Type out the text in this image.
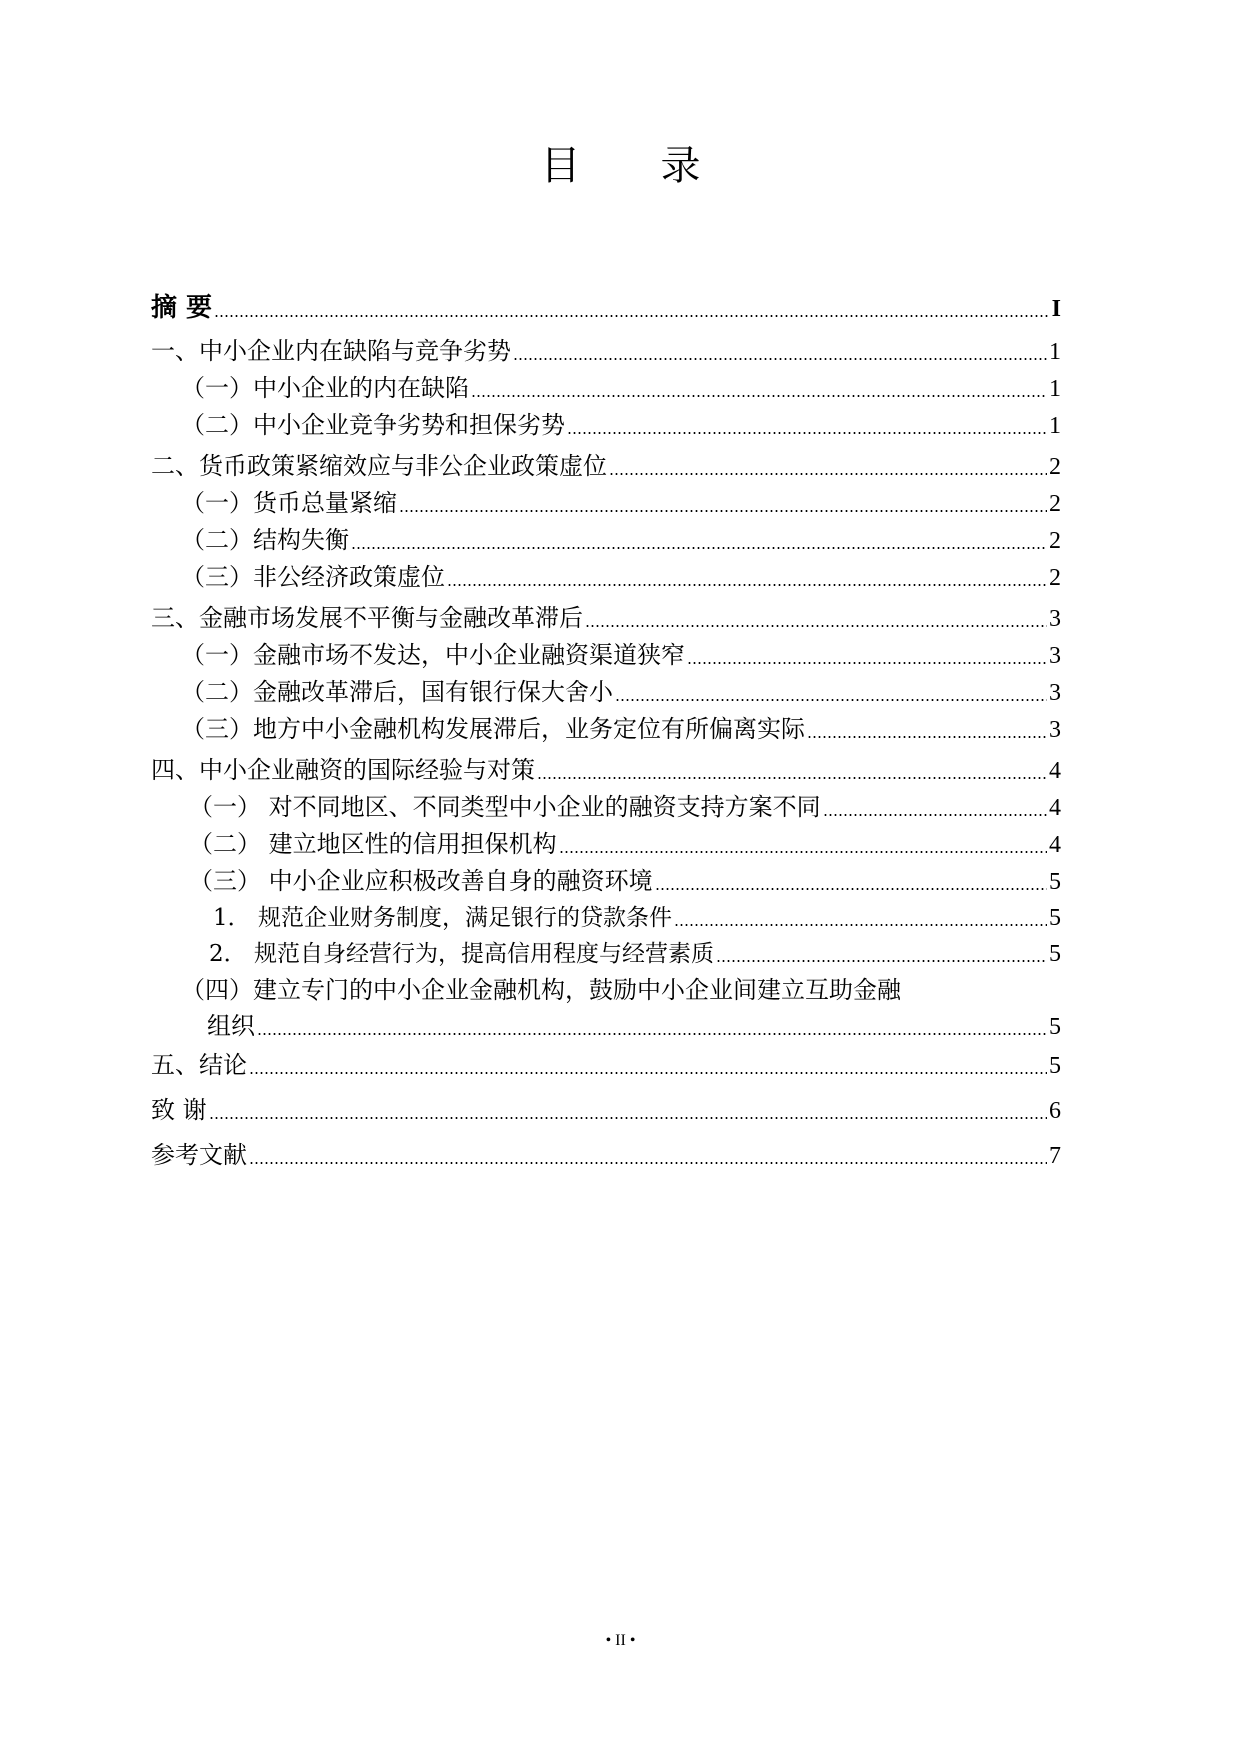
目 录
摘 要	I
一、中小企业内在缺陷与竞争劣势	1
（一）中小企业的内在缺陷	1
（二）中小企业竞争劣势和担保劣势	1
二、货币政策紧缩效应与非公企业政策虚位	2
（一）货币总量紧缩	2
（二）结构失衡	2
（三）非公经济政策虚位	2
三、金融市场发展不平衡与金融改革滞后	3
（一）金融市场不发达，中小企业融资渠道狭窄	3
（二）金融改革滞后，国有银行保大舍小	3
（三）地方中小金融机构发展滞后，业务定位有所偏离实际	3
四、中小企业融资的国际经验与对策	4
（一） 对不同地区、不同类型中小企业的融资支持方案不同	4
（二） 建立地区性的信用担保机构	4
（三） 中小企业应积极改善自身的融资环境	5
1． 规范企业财务制度，满足银行的贷款条件	5
2． 规范自身经营行为，提高信用程度与经营素质	5
（四）建立专门的中小企业金融机构，鼓励中小企业间建立互助金融
组织	5
五、结论	5
致 谢	6
参考文献	7
• II •
